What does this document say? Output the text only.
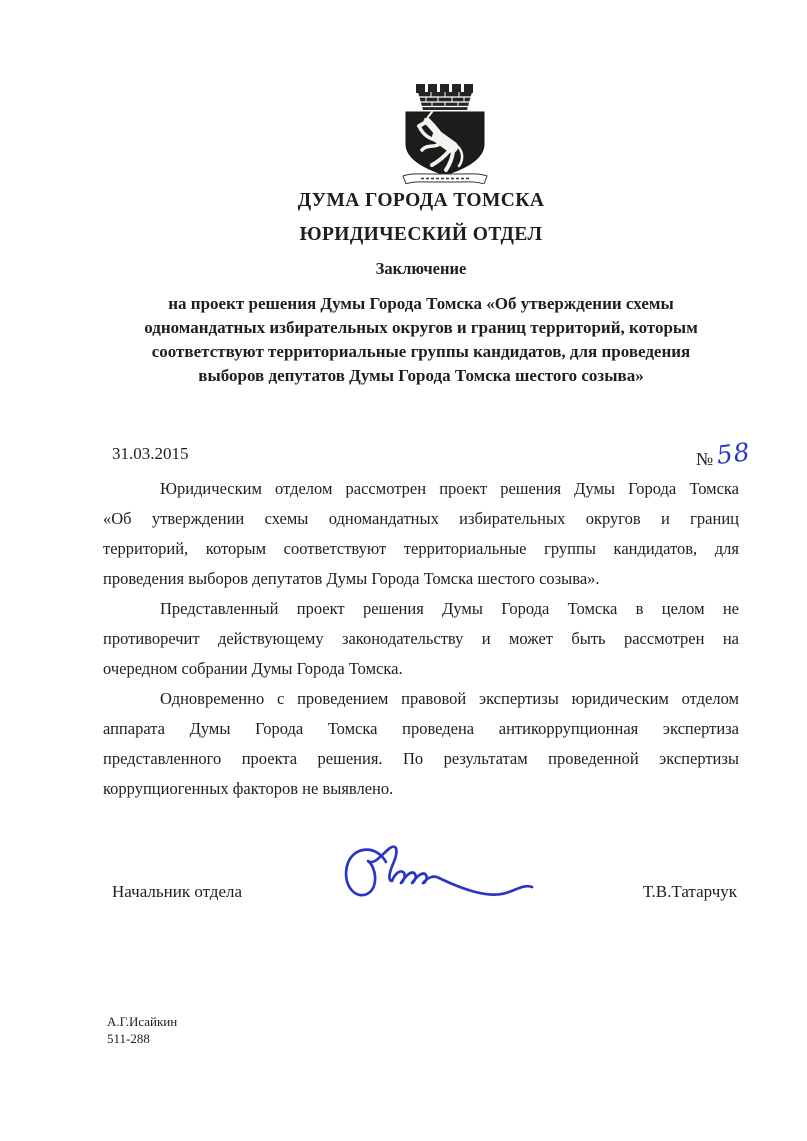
ДУМА ГОРОДА ТОМСКА
ЮРИДИЧЕСКИЙ ОТДЕЛ
Заключение

на проект решения Думы Города Томска «Об утверждении схемы

одномандатных избирательных округов и границ территорий, которым

соответствуют территориальные группы кандидатов, для проведения

выборов депутатов Думы Города Томска шестого созыва»

31.03.2015	№ 58

Юридическим отделом рассмотрен проект решения Думы Города Томска

«Об утверждении схемы одномандатных избирательных округов и границ

территорий, которым соответствуют территориальные группы кандидатов, для

проведения выборов депутатов Думы Города Томска шестого созыва».

Представленный проект решения Думы Города Томска в целом не

противоречит действующему законодательству и может быть рассмотрен на

очередном собрании Думы Города Томска.

Одновременно с проведением правовой экспертизы юридическим отделом

аппарата Думы Города Томска проведена антикоррупционная экспертиза

представленного проекта решения. По результатам проведенной экспертизы

коррупциогенных факторов не выявлено.

Начальник отдела	Т.В.Татарчук
А.Г.Исайкин
511-288
